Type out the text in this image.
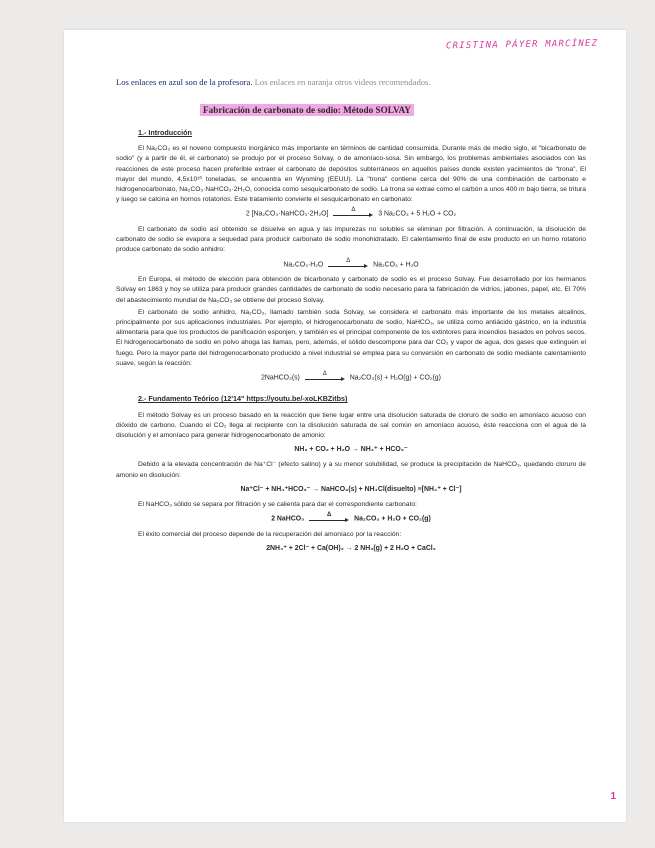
CRISTINA PÁYER MARCÍNEZ
Los enlaces en azul son de la profesora. Los enlaces en naranja otros videos recomendados.
Fabricación de carbonato de sodio: Método SOLVAY
1.- Introducción

El Na₂CO₃ es el noveno compuesto inorgánico más importante en términos de cantidad consumida. Durante más de medio siglo, el "bicarbonato de sodio" (y a partir de él, el carbonato) se produjo por el proceso Solvay, o de amoníaco-sosa. Sin embargo, los problemas ambientales asociados con las reacciones de este proceso hacen preferible extraer el carbonato de depósitos subterráneos en aquellos países donde existen yacimientos de "trona". El mayor del mundo, 4,5x10¹⁰ toneladas, se encuentra en Wyoming (EEUU). La "trona" contiene cerca del 90% de una combinación de carbonato e hidrogenocarbonato, Na₂CO₃·NaHCO₃·2H₂O, conocida como sesquicarbonato de sodio. La trona se extrae como el carbón a unos 400 m bajo tierra, se tritura y luego se calcina en hornos rotatorios. Este tratamiento convierte el sesquicarbonato en carbonato:

2 [Na₂CO₃·NaHCO₃·2H₂O]
Δ
3 Na₂CO₃ + 5 H₂O + CO₂

El carbonato de sodio así obtenido se disuelve en agua y las impurezas no solubles se eliminan por filtración. A continuación, la disolución de carbonato de sodio se evapora a sequedad para producir carbonato de sodio monohidratado. El calentamiento final de este producto en un horno rotatorio produce carbonato de sodio anhidro:

Na₂CO₃·H₂O
Δ
Na₂CO₃ + H₂O

En Europa, el método de elección para obtención de bicarbonato y carbonato de sodio es el proceso Solvay. Fue desarrollado por los hermanos Solvay en 1863 y hoy se utiliza para producir grandes cantidades de carbonato de sodio necesario para la fabricación de vidrios, jabones, papel, etc. El 70% del abastecimiento mundial de Na₂CO₃ se obtiene del proceso Solvay.

El carbonato de sodio anhidro, Na₂CO₃, llamado también soda Solvay, se considera el carbonato más importante de los metales alcalinos, principalmente por sus aplicaciones industriales. Por ejemplo, el hidrogenocarbonato de sodio, NaHCO₃, se utiliza como antiácido gástrico, en la industria alimentaria para que los productos de panificación esponjen, y también es el principal componente de los extintores para incendios basados en polvos secos. El hidrogenocarbonato de sodio en polvo ahoga las llamas, pero, además, el sólido descompone para dar CO₂ y vapor de agua, dos gases que extinguen el fuego. Pero la mayor parte del hidrogenocarbonato producido a nivel industrial se emplea para su conversión en carbonato de sodio mediante calentamiento suave, según la reacción:

2NaHCO₃(s)
Δ
Na₂CO₃(s) + H₂O(g) + CO₂(g)
2.- Fundamento Teórico (12'14" https://youtu.be/-xoLKBZitbs)

El método Solvay es un proceso basado en la reacción que tiene lugar entre una disolución saturada de cloruro de sodio en amoníaco acuoso con dióxido de carbono. Cuando el CO₂ llega al recipiente con la disolución saturada de sal común en amoníaco acuoso, éste reacciona con el agua de la disolución y el amoníaco para generar hidrogenocarbonato de amonio:

NH₃ + CO₂ + H₂O → NH₄⁺ + HCO₃⁻

Debido a la elevada concentración de Na⁺Cl⁻ (efecto salino) y a su menor solubilidad, se produce la precipitación de NaHCO₃, quedando cloruro de amonio en disolución:

Na⁺Cl⁻ + NH₄⁺HCO₃⁻ → NaHCO₃(s) + NH₄Cl(disuelto) ≡[NH₄⁺ + Cl⁻]

El NaHCO₃ sólido se separa por filtración y se calienta para dar el correspondiente carbonato:

2 NaHCO₃
Δ
Na₂CO₃ + H₂O + CO₂(g)

El éxito comercial del proceso depende de la recuperación del amoníaco por la reacción:

2NH₄⁺ + 2Cl⁻ + Ca(OH)₂ → 2 NH₃(g) + 2 H₂O + CaCl₂
1
